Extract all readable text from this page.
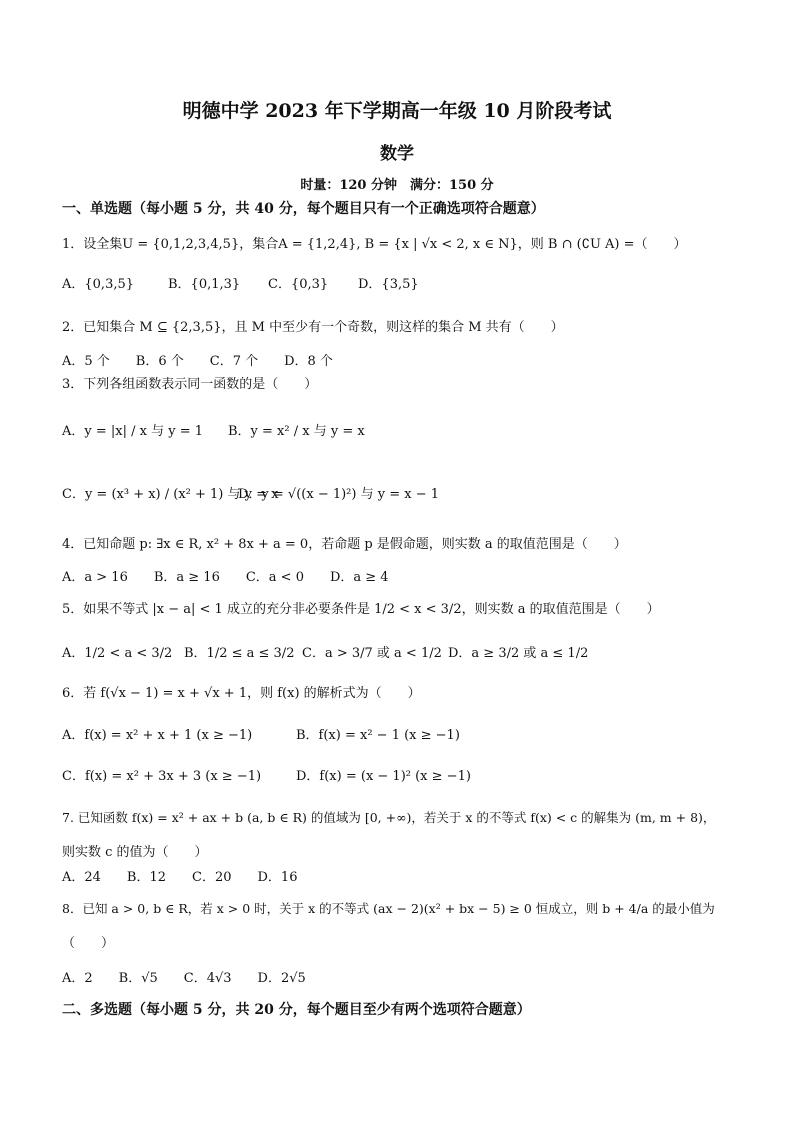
明德中学 2023 年下学期高一年级 10 月阶段考试
数学
时量：120 分钟　满分：150 分
一、单选题（每小题 5 分，共 40 分，每个题目只有一个正确选项符合题意）
1．设全集U = {0,1,2,3,4,5}，集合A = {1,2,4}, B = {x | √x < 2, x ∈ N}，则 B ∩ (∁U A) =（　　）
A．{0,3,5}	B．{0,1,3} C．{0,3} D．{3,5}
2．已知集合 M ⊆ {2,3,5}，且 M 中至少有一个奇数，则这样的集合 M 共有（　　）
A．5 个　　B．6 个　　C．7 个　　D．8 个
3．下列各组函数表示同一函数的是（　　）
A．y = |x| / x 与 y = 1 B．y = x² / x 与 y = x
C．y = (x³ + x) / (x² + 1) 与 y = x
D．y = √((x − 1)²) 与 y = x − 1
4．已知命题 p: ∃x ∈ R, x² + 8x + a = 0，若命题 p 是假命题，则实数 a 的取值范围是（　　）
A．a > 16　　B．a ≥ 16　　C．a < 0　　D．a ≥ 4
5．如果不等式 |x − a| < 1 成立的充分非必要条件是 1/2 < x < 3/2，则实数 a 的取值范围是（　　）
A．1/2 < a < 3/2 B．1/2 ≤ a ≤ 3/2 C．a > 3/7 或 a < 1/2 D．a ≥ 3/2 或 a ≤ 1/2
6．若 f(√x − 1) = x + √x + 1，则 f(x) 的解析式为（　　）
A．f(x) = x² + x + 1 (x ≥ −1)	B．f(x) = x² − 1 (x ≥ −1)
C．f(x) = x² + 3x + 3 (x ≥ −1)	D．f(x) = (x − 1)² (x ≥ −1)
7. 已知函数 f(x) = x² + ax + b (a, b ∈ R) 的值域为 [0, +∞)，若关于 x 的不等式 f(x) < c 的解集为 (m, m + 8)，
则实数 c 的值为（　　）
A．24　　B．12　　C．20　　D．16
8．已知 a > 0, b ∈ R，若 x > 0 时，关于 x 的不等式 (ax − 2)(x² + bx − 5) ≥ 0 恒成立，则 b + 4/a 的最小值为
（　　）
A．2　　B．√5　　C．4√3　　D．2√5
二、多选题（每小题 5 分，共 20 分，每个题目至少有两个选项符合题意）
